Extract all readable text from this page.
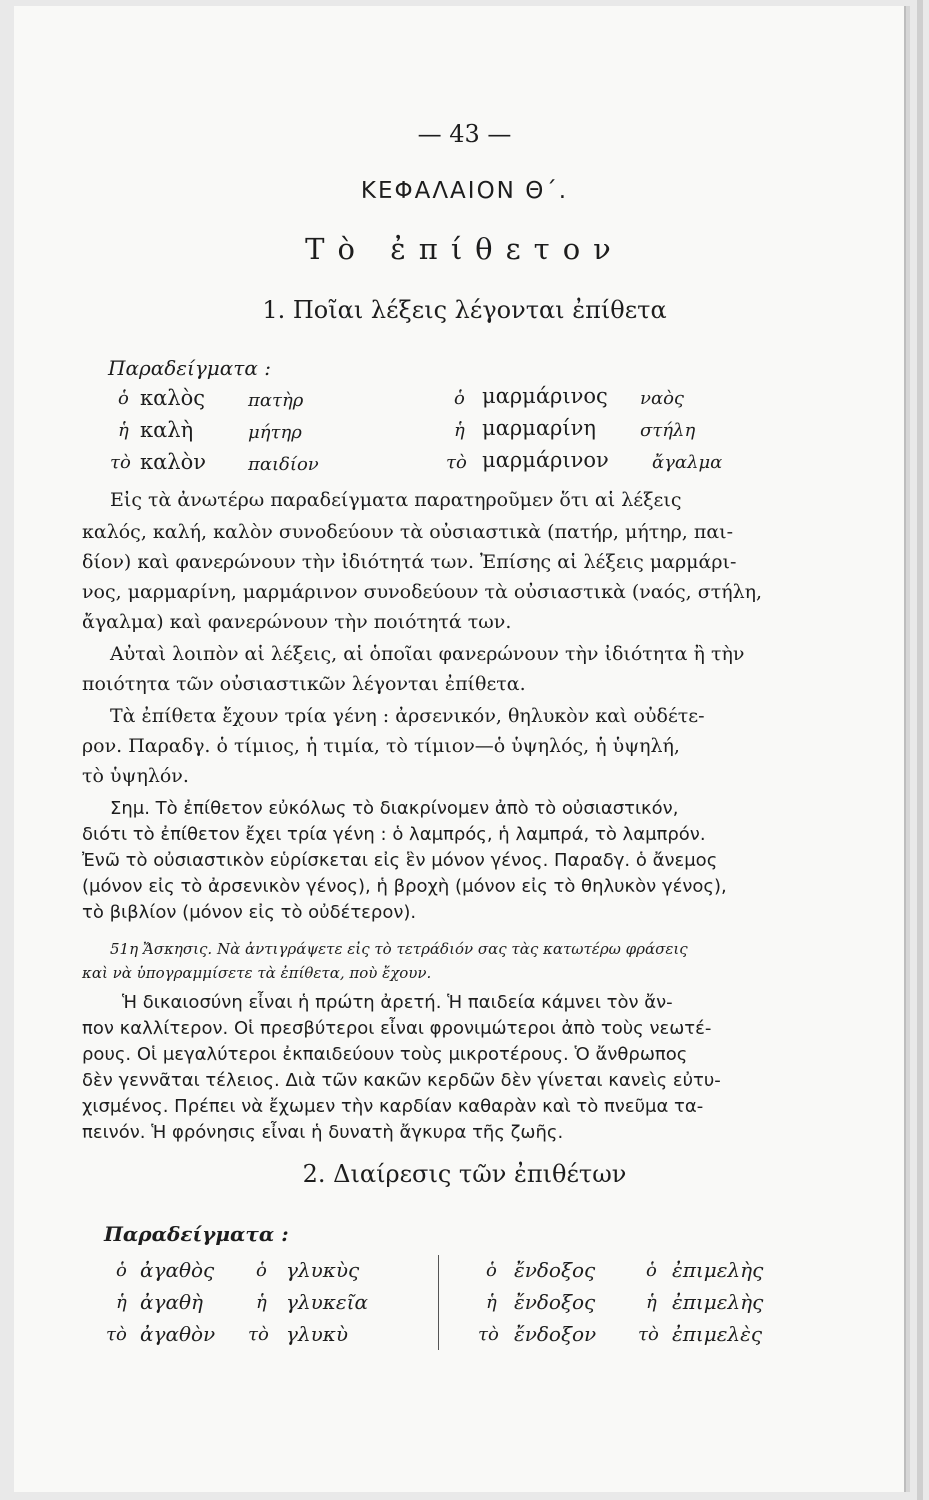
— 43 —
ΚΕΦΑΛΑΙΟΝ Θ΄.
Τὸ ἐπίθετον
1. Ποῖαι λέξεις λέγονται ἐπίθετα
Παραδείγματα :
ὁ καλὸς πατὴρ
ἡ καλὴ	μήτηρ
τὸ καλὸν παιδίον
ὁ μαρμάρινος ναὸς
ἡ μαρμαρίνη στήλη
τὸ μαρμάρινον ἄγαλμα
Εἰς τὰ ἀνωτέρω παραδείγματα παρατηροῦμεν ὅτι αἱ λέξεις
καλός, καλή, καλὸν συνοδεύουν τὰ οὐσιαστικὰ (πατήρ, μήτηρ, παι-
δίον) καὶ φανερώνουν τὴν ἰδιότητά των. Ἐπίσης αἱ λέξεις μαρμάρι-
νος, μαρμαρίνη, μαρμάρινον συνοδεύουν τὰ οὐσιαστικὰ (ναός, στήλη,
ἄγαλμα) καὶ φανερώνουν τὴν ποιότητά των.
Αὐταὶ λοιπὸν αἱ λέξεις, αἱ ὁποῖαι φανερώνουν τὴν ἰδιότητα ἢ τὴν
ποιότητα τῶν οὐσιαστικῶν λέγονται ἐπίθετα.
Τὰ ἐπίθετα ἔχουν τρία γένη : ἀρσενικόν, θηλυκὸν καὶ οὐδέτε-
ρον. Παραδγ. ὁ τίμιος, ἡ τιμία, τὸ τίμιον—ὁ ὑψηλός, ἡ ὑψηλή,
τὸ ὑψηλόν.
Σημ. Τὸ ἐπίθετον εὐκόλως τὸ διακρίνομεν ἀπὸ τὸ οὐσιαστικόν,
διότι τὸ ἐπίθετον ἔχει τρία γένη : ὁ λαμπρός, ἡ λαμπρά, τὸ λαμπρόν.
Ἐνῶ τὸ οὐσιαστικὸν εὑρίσκεται εἰς ἓν μόνον γένος. Παραδγ. ὁ ἄνεμος
(μόνον εἰς τὸ ἀρσενικὸν γένος), ἡ βροχὴ (μόνον εἰς τὸ θηλυκὸν γένος),
τὸ βιβλίον (μόνον εἰς τὸ οὐδέτερον).
51η Ἄσκησις. Νὰ ἀντιγράψετε εἰς τὸ τετράδιόν σας τὰς κατωτέρω φράσεις
καὶ νὰ ὑπογραμμίσετε τὰ ἐπίθετα, ποὺ ἔχουν.
Ἡ δικαιοσύνη εἶναι ἡ πρώτη ἀρετή. Ἡ παιδεία κάμνει τὸν ἄν-
πον καλλίτερον. Οἱ πρεσβύτεροι εἶναι φρονιμώτεροι ἀπὸ τοὺς νεωτέ-
ρους. Οἱ μεγαλύτεροι ἐκπαιδεύουν τοὺς μικροτέρους. Ὁ ἄνθρωπος
δὲν γεννᾶται τέλειος. Διὰ τῶν κακῶν κερδῶν δὲν γίνεται κανεὶς εὐτυ-
χισμένος. Πρέπει νὰ ἔχωμεν τὴν καρδίαν καθαρὰν καὶ τὸ πνεῦμα τα-
πεινόν. Ἡ φρόνησις εἶναι ἡ δυνατὴ ἄγκυρα τῆς ζωῆς.
2. Διαίρεσις τῶν ἐπιθέτων
Παραδείγματα :
ὁ ἀγαθὸς
ἡ ἀγαθὴ
τὸ ἀγαθὸν
ὁ γλυκὺς
ἡ γλυκεῖα
τὸ γλυκὺ
ὁ ἔνδοξος
ἡ ἔνδοξος
τὸ ἔνδοξον
ὁ ἐπιμελὴς
ἡ ἐπιμελὴς
τὸ ἐπιμελὲς
